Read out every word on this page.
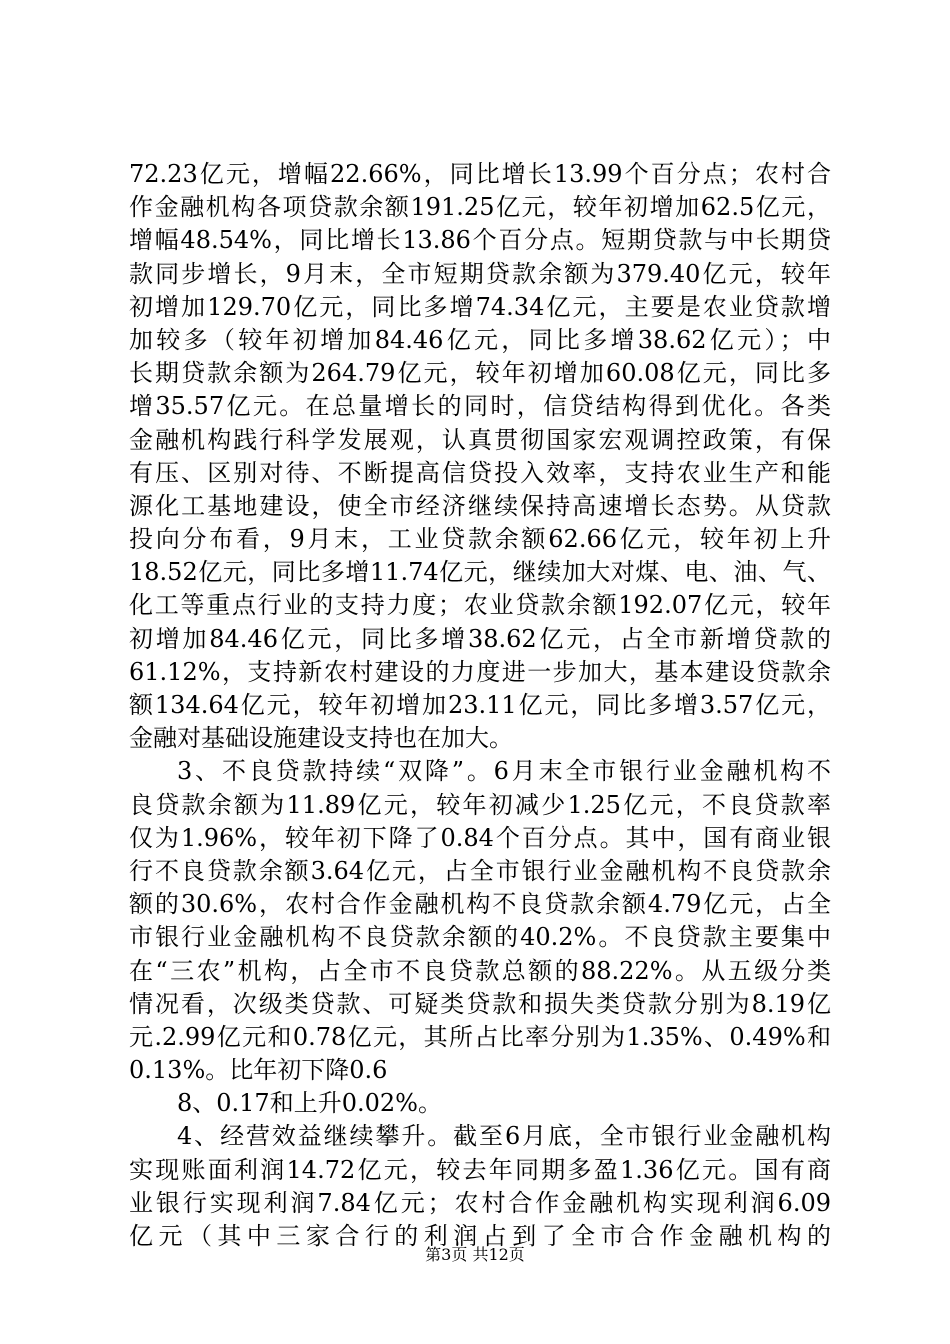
72.23亿元，增幅22.66%，同比增长13.99个百分点；农村合
作金融机构各项贷款余额191.25亿元，较年初增加62.5亿元，
增幅48.54%，同比增长13.86个百分点。短期贷款与中长期贷
款同步增长，9月末，全市短期贷款余额为379.40亿元，较年
初增加129.70亿元，同比多增74.34亿元，主要是农业贷款增
加较多（较年初增加84.46亿元，同比多增38.62亿元）；中
长期贷款余额为264.79亿元，较年初增加60.08亿元，同比多
增35.57亿元。在总量增长的同时，信贷结构得到优化。各类
金融机构践行科学发展观，认真贯彻国家宏观调控政策，有保
有压、区别对待、不断提高信贷投入效率，支持农业生产和能
源化工基地建设，使全市经济继续保持高速增长态势。从贷款
投向分布看，9月末，工业贷款余额62.66亿元，较年初上升
18.52亿元，同比多增11.74亿元，继续加大对煤、电、油、气、
化工等重点行业的支持力度；农业贷款余额192.07亿元，较年
初增加84.46亿元，同比多增38.62亿元，占全市新增贷款的
61.12%，支持新农村建设的力度进一步加大，基本建设贷款余
额134.64亿元，较年初增加23.11亿元，同比多增3.57亿元，
金融对基础设施建设支持也在加大。
3、不良贷款持续“双降”。6月末全市银行业金融机构不
良贷款余额为11.89亿元，较年初减少1.25亿元，不良贷款率
仅为1.96%，较年初下降了0.84个百分点。其中，国有商业银
行不良贷款余额3.64亿元，占全市银行业金融机构不良贷款余
额的30.6%，农村合作金融机构不良贷款余额4.79亿元，占全
市银行业金融机构不良贷款余额的40.2%。不良贷款主要集中
在“三农”机构，占全市不良贷款总额的88.22%。从五级分类
情况看，次级类贷款、可疑类贷款和损失类贷款分别为8.19亿
元.2.99亿元和0.78亿元，其所占比率分别为1.35%、0.49%和
0.13%。比年初下降0.6
8、0.17和上升0.02%。
4、经营效益继续攀升。截至6月底，全市银行业金融机构
实现账面利润14.72亿元，较去年同期多盈1.36亿元。国有商
业银行实现利润7.84亿元；农村合作金融机构实现利润6.09
亿元（其中三家合行的利润占到了全市合作金融机构的
第3页 共12页
